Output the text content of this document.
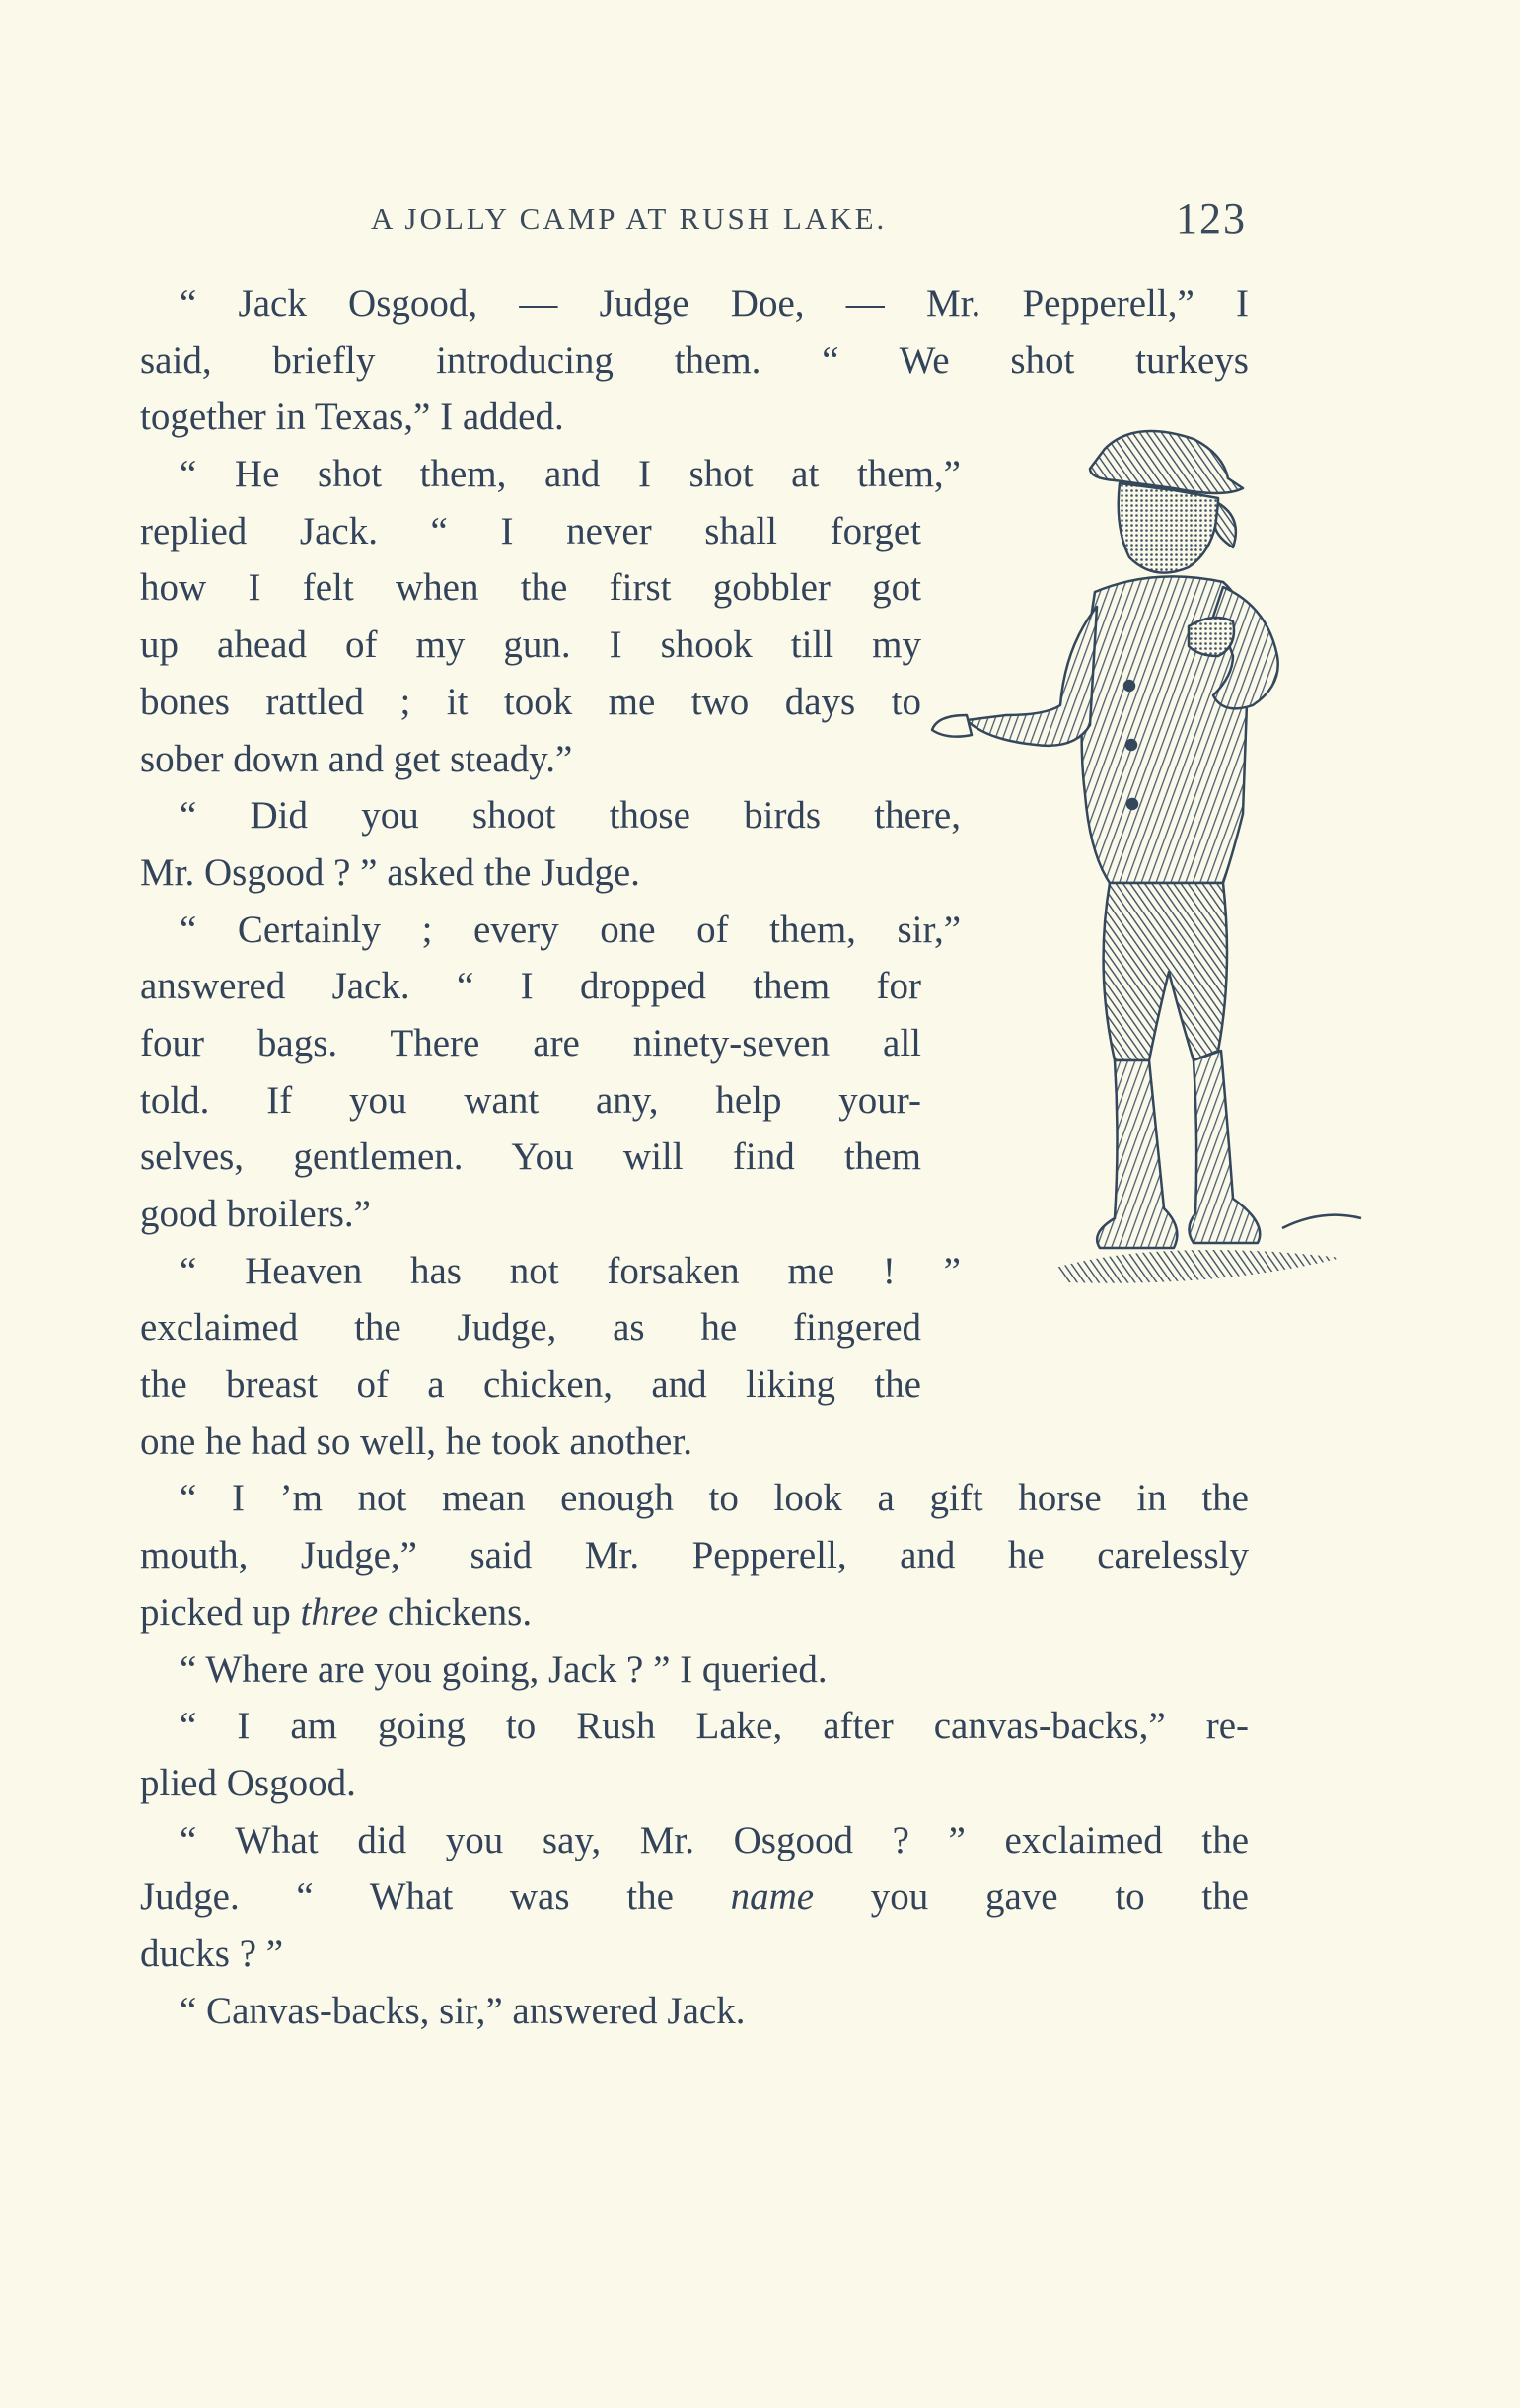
A JOLLY CAMP AT RUSH LAKE.	123
“ Jack Osgood, — Judge Doe, — Mr. Pepperell,” I
said, briefly introducing them. “ We shot turkeys
together in Texas,” I added.
“ He shot them, and I shot at them,”
replied Jack. “ I never shall forget
how I felt when the first gobbler got
up ahead of my gun. I shook till my
bones rattled ; it took me two days to
sober down and get steady.”
“ Did you shoot those birds there,
Mr. Osgood ? ” asked the Judge.
“ Certainly ; every one of them, sir,”
answered Jack. “ I dropped them for
four bags. There are ninety-seven all
told. If you want any, help your-
selves, gentlemen. You will find them
good broilers.”
“ Heaven has not forsaken me ! ”
exclaimed the Judge, as he fingered
the breast of a chicken, and liking the
one he had so well, he took another.
“ I ’m not mean enough to look a gift horse in the
mouth, Judge,” said Mr. Pepperell, and he carelessly
picked up three chickens.
“ Where are you going, Jack ? ” I queried.
“ I am going to Rush Lake, after canvas-backs,” re-
plied Osgood.
“ What did you say, Mr. Osgood ? ” exclaimed the
Judge. “ What was the name you gave to the
ducks ? ”
“ Canvas-backs, sir,” answered Jack.
